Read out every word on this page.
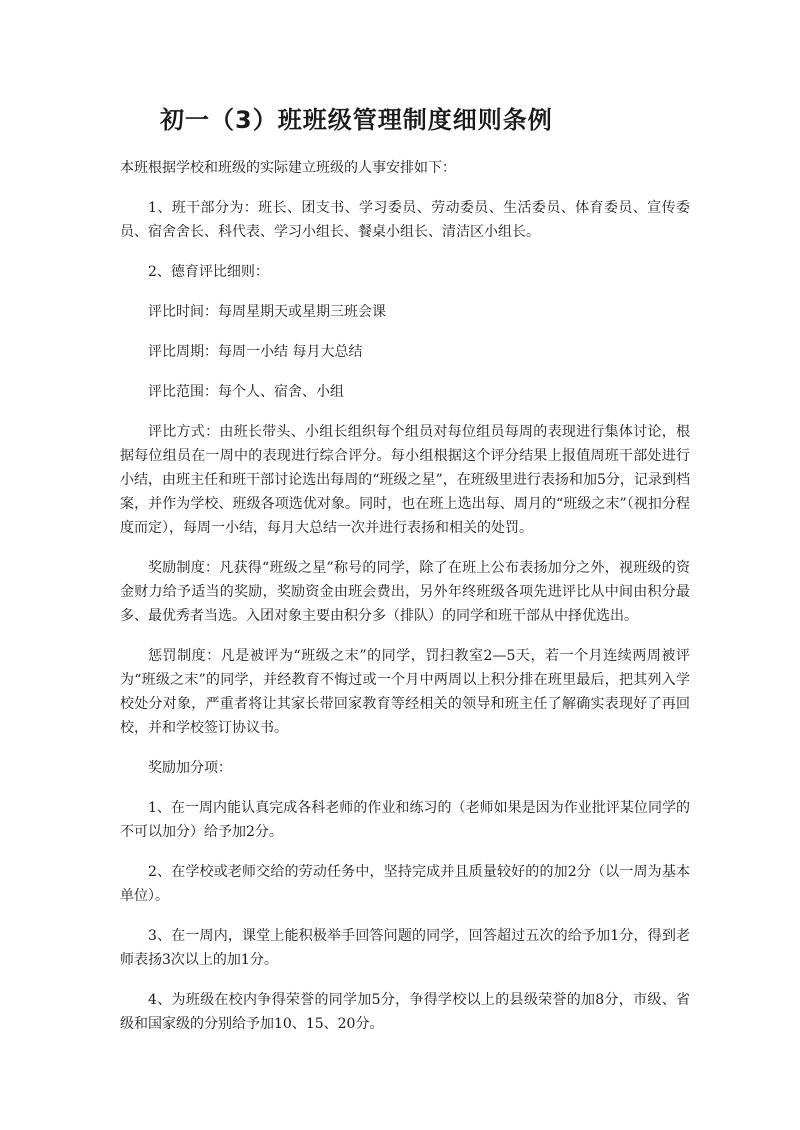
初一（3）班班级管理制度细则条例

本班根据学校和班级的实际建立班级的人事安排如下：

1、班干部分为：班长、团支书、学习委员、劳动委员、生活委员、体育委员、宣传委员、宿舍舍长、科代表、学习小组长、餐桌小组长、清洁区小组长。

2、德育评比细则：

评比时间：每周星期天或星期三班会课

评比周期：每周一小结 每月大总结

评比范围：每个人、宿舍、小组

评比方式：由班长带头、小组长组织每个组员对每位组员每周的表现进行集体讨论，根据每位组员在一周中的表现进行综合评分。每小组根据这个评分结果上报值周班干部处进行小结，由班主任和班干部讨论选出每周的“班级之星”，在班级里进行表扬和加5分，记录到档案，并作为学校、班级各项选优对象。同时，也在班上选出每、周月的“班级之末”（视扣分程度而定），每周一小结，每月大总结一次并进行表扬和相关的处罚。

奖励制度：凡获得“班级之星”称号的同学，除了在班上公布表扬加分之外，视班级的资金财力给予适当的奖励，奖励资金由班会费出，另外年终班级各项先进评比从中间由积分最多、最优秀者当选。入团对象主要由积分多（排队）的同学和班干部从中择优选出。

惩罚制度：凡是被评为“班级之末”的同学，罚扫教室2—5天，若一个月连续两周被评为“班级之末”的同学，并经教育不悔过或一个月中两周以上积分排在班里最后，把其列入学校处分对象，严重者将让其家长带回家教育等经相关的领导和班主任了解确实表现好了再回校，并和学校签订协议书。

奖励加分项：

1、在一周内能认真完成各科老师的作业和练习的（老师如果是因为作业批评某位同学的不可以加分）给予加2分。

2、在学校或老师交给的劳动任务中，坚持完成并且质量较好的的加2分（以一周为基本单位）。

3、在一周内，课堂上能积极举手回答问题的同学，回答超过五次的给予加1分，得到老师表扬3次以上的加1分。

4、为班级在校内争得荣誉的同学加5分，争得学校以上的县级荣誉的加8分，市级、省级和国家级的分别给予加10、15、20分。
